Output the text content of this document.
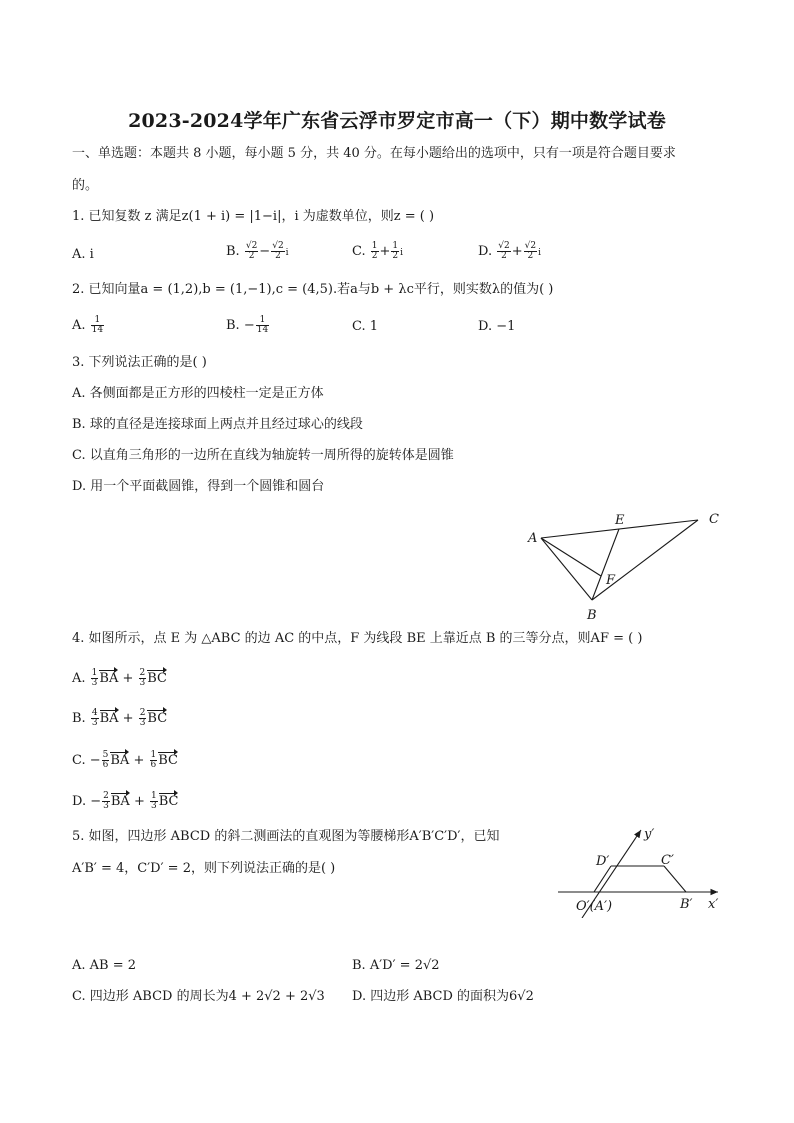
2023-2024学年广东省云浮市罗定市高一（下）期中数学试卷
一、单选题：本题共 8 小题，每小题 5 分，共 40 分。在每小题给出的选项中，只有一项是符合题目要求
的。
1. 已知复数 z 满足z(1 + i) = |1−i|，i 为虚数单位，则z = ( )
A. i	B. $\frac{√2}{2} - \frac{√2}{2}$ i	C. $\frac{1}{2} + \frac{1}{2}$ i	D. $\frac{√2}{2} + \frac{√2}{2}$ i
2. 已知向量a = (1,2),b = (1,−1),c = (4,5).若a与b + λc平行，则实数λ的值为( )
A. $\frac{1}{14}$	B. − $\frac{1}{14}$	C. 1	D. −1
3. 下列说法正确的是( )
A. 各侧面都是正方形的四棱柱一定是正方体
B. 球的直径是连接球面上两点并且经过球心的线段
C. 以直角三角形的一边所在直线为轴旋转一周所得的旋转体是圆锥
D. 用一个平面截圆锥，得到一个圆锥和圆台
A
E	C
F
B
4. 如图所示，点 E 为 △ABC 的边 AC 的中点，F 为线段 BE 上靠近点 B 的三等分点，则AF = ( )
A. $\frac{1}{3}$ BA + $\frac{2}{3}$ BC
B. $\frac{4}{3}$ BA + $\frac{2}{3}$ BC
C. − $\frac{5}{6}$ BA + $\frac{1}{6}$ BC
D. − $\frac{2}{3}$ BA + $\frac{1}{3}$ BC
5. 如图，四边形 ABCD 的斜二测画法的直观图为等腰梯形A′B′C′D′，已知
A′B′ = 4，C′D′ = 2，则下列说法正确的是( )
y′
D′	C′
O′(A′)	B′ x′
A. AB = 2	B. A′D′ = 2√2
C. 四边形 ABCD 的周长为4 + 2√2 + 2√3 D. 四边形 ABCD 的面积为6√2
